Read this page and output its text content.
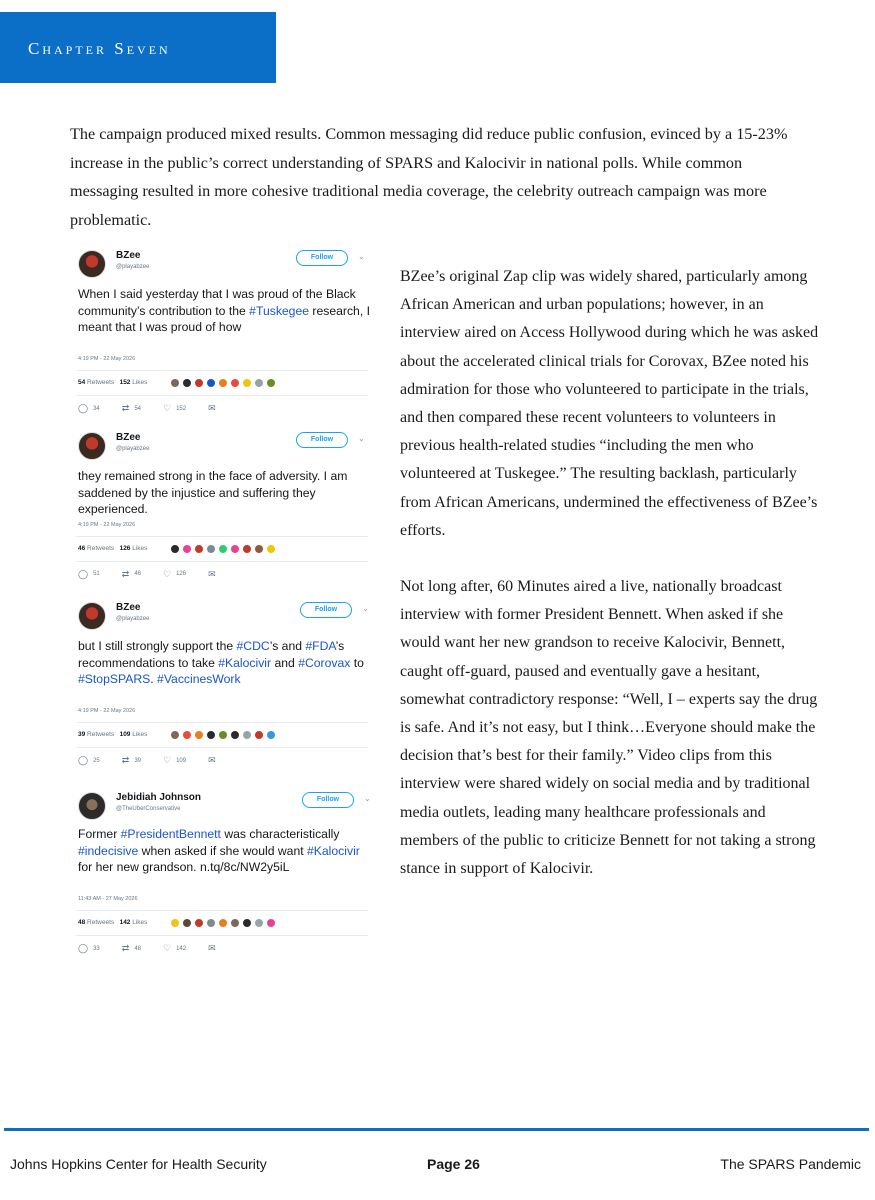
Chapter Seven

The campaign produced mixed results. Common messaging did reduce public confusion, evinced by a 15-23% increase in the public’s correct understanding of SPARS and Kalocivir in national polls. While common messaging resulted in more cohesive traditional media coverage, the celebrity outreach campaign was more problematic.

BZee
@playabzee
Follow	⌄
When I said yesterday that I was proud of the Black community’s contribution to the #Tuskegee research, I meant that I was proud of how
4:19 PM - 22 May 2026
54 Retweets 152 Likes
◯ 34 ⇄ 54 ♡ 152 ✉
BZee
@playabzee
Follow	⌄
they remained strong in the face of adversity. I am saddened by the injustice and suffering they experienced.
4:19 PM - 22 May 2026
46 Retweets 126 Likes
◯ 51 ⇄ 46 ♡ 126 ✉
BZee
@playabzee
Follow	⌄
but I still strongly support the #CDC’s and #FDA’s recommendations to take #Kalocivir and #Corovax to #StopSPARS. #VaccinesWork
4:19 PM - 22 May 2026
39 Retweets 109 Likes
◯ 25 ⇄ 39 ♡ 109 ✉
Jebidiah Johnson
@TheUberConservative
Follow	⌄
Former #PresidentBennett was characteristically #indecisive when asked if she would want #Kalocivir for her new grandson. n.tq/8c/NW2y5iL
11:43 AM - 27 May 2026
48 Retweets 142 Likes
◯ 33 ⇄ 48 ♡ 142 ✉

BZee’s original Zap clip was widely shared, particularly among African American and urban populations; however, in an interview aired on Access Hollywood during which he was asked about the accelerated clinical trials for Corovax, BZee noted his admiration for those who volunteered to participate in the trials, and then compared these recent volunteers to volunteers in previous health-related studies “including the men who volunteered at Tuskegee.” The resulting backlash, particularly from African Americans, undermined the effectiveness of BZee’s efforts.

Not long after, 60 Minutes aired a live, nationally broadcast interview with former President Bennett. When asked if she would want her new grandson to receive Kalocivir, Bennett, caught off-guard, paused and eventually gave a hesitant, somewhat contradictory response: “Well, I – experts say the drug is safe. And it’s not easy, but I think…Everyone should make the decision that’s best for their family.” Video clips from this interview were shared widely on social media and by traditional media outlets, leading many healthcare professionals and members of the public to criticize Bennett for not taking a strong stance in support of Kalocivir.

Johns Hopkins Center for Health Security	Page 26	The SPARS Pandemic
